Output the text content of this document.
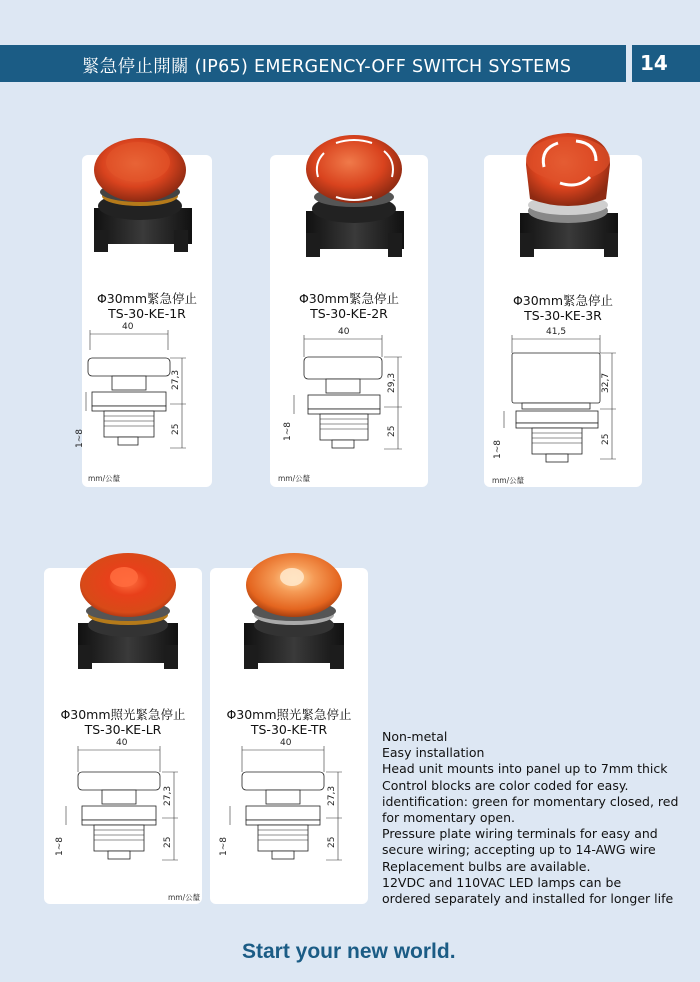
緊急停止開關 (IP65) EMERGENCY-OFF SWITCH SYSTEMS	14
Φ30mm緊急停止
TS-30-KE-1R
40
27,3
25
1~8
mm/公釐
Φ30mm緊急停止
TS-30-KE-2R
40
29,3
25
1~8
mm/公釐
Φ30mm緊急停止
TS-30-KE-3R
41,5
32,7
25
1~8
mm/公釐
Φ30mm照光緊急停止
TS-30-KE-LR
40
27,3
25
1~8
mm/公釐
Φ30mm照光緊急停止
TS-30-KE-TR
40
27,3
25
1~8
Non-metal
Easy installation
Head unit mounts into panel up to 7mm thick
Control blocks are color coded for easy.
identification: green for momentary closed, red for momentary open.
Pressure plate wiring terminals for easy and
secure wiring; accepting up to 14-AWG wire
Replacement bulbs are available.
12VDC and 110VAC LED lamps can be
ordered separately and installed for longer life
Start your new world.
